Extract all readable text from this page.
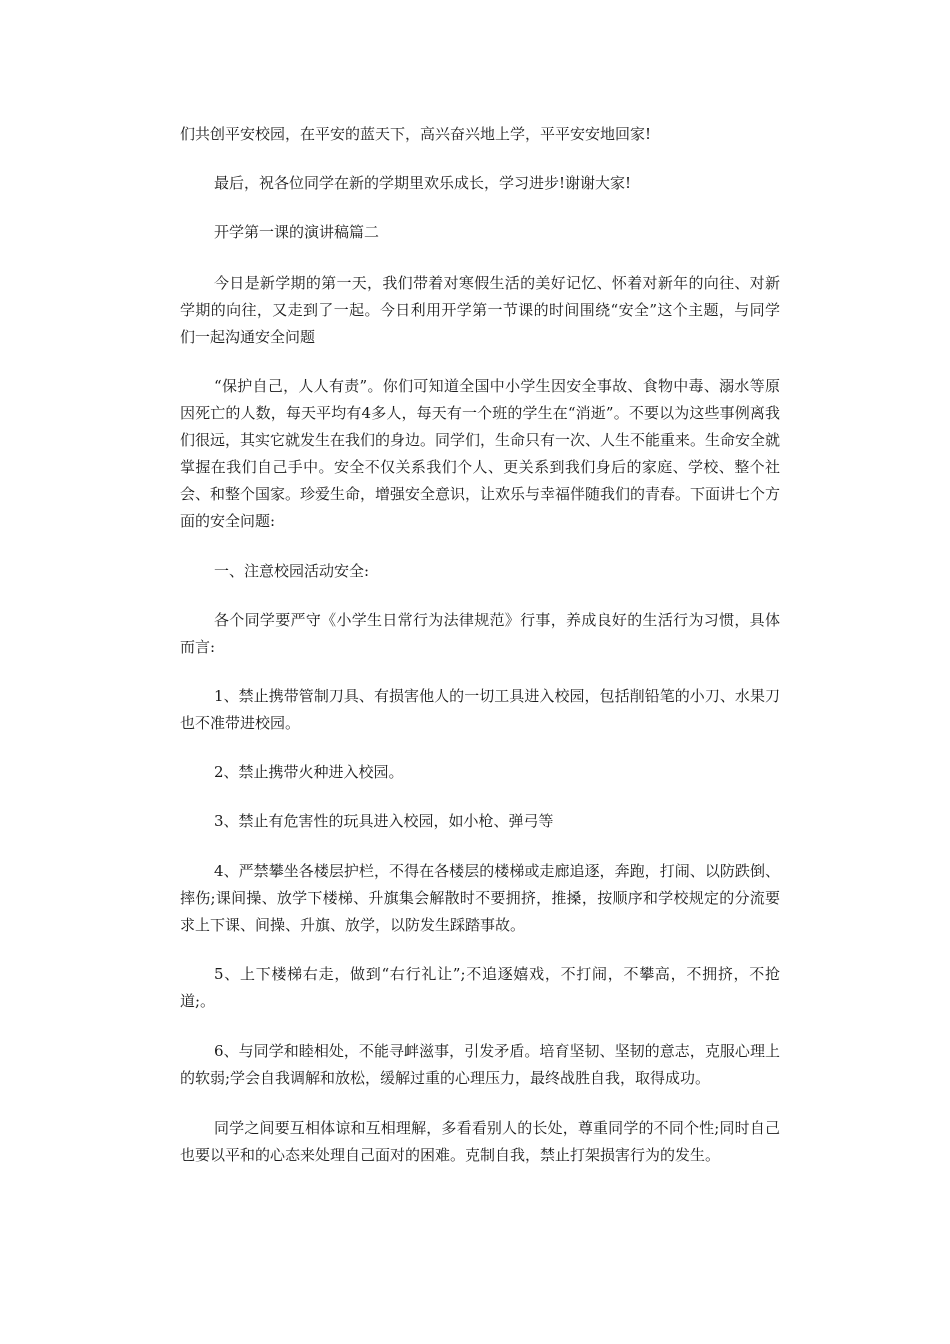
们共创平安校园，在平安的蓝天下，高兴奋兴地上学，平平安安地回家!

最后，祝各位同学在新的学期里欢乐成长，学习进步!谢谢大家!

开学第一课的演讲稿篇二

今日是新学期的第一天，我们带着对寒假生活的美好记忆、怀着对新年的向往、对新学期的向往，又走到了一起。今日利用开学第一节课的时间围绕“安全”这个主题，与同学们一起沟通安全问题

“保护自己，人人有责”。你们可知道全国中小学生因安全事故、食物中毒、溺水等原因死亡的人数，每天平均有4多人，每天有一个班的学生在“消逝”。不要以为这些事例离我们很远，其实它就发生在我们的身边。同学们，生命只有一次、人生不能重来。生命安全就掌握在我们自己手中。安全不仅关系我们个人、更关系到我们身后的家庭、学校、整个社会、和整个国家。珍爱生命，增强安全意识，让欢乐与幸福伴随我们的青春。下面讲七个方面的安全问题:

一、注意校园活动安全:

各个同学要严守《小学生日常行为法律规范》行事，养成良好的生活行为习惯，具体而言:

1、禁止携带管制刀具、有损害他人的一切工具进入校园，包括削铅笔的小刀、水果刀也不准带进校园。

2、禁止携带火种进入校园。

3、禁止有危害性的玩具进入校园，如小枪、弹弓等

4、严禁攀坐各楼层护栏，不得在各楼层的楼梯或走廊追逐，奔跑，打闹、以防跌倒、摔伤;课间操、放学下楼梯、升旗集会解散时不要拥挤，推搡，按顺序和学校规定的分流要求上下课、间操、升旗、放学，以防发生踩踏事故。

5、上下楼梯右走，做到“右行礼让”;不追逐嬉戏，不打闹，不攀高，不拥挤，不抢道;。

6、与同学和睦相处，不能寻衅滋事，引发矛盾。培育坚韧、坚韧的意志，克服心理上的软弱;学会自我调解和放松，缓解过重的心理压力，最终战胜自我，取得成功。

同学之间要互相体谅和互相理解，多看看别人的长处，尊重同学的不同个性;同时自己也要以平和的心态来处理自己面对的困难。克制自我，禁止打架损害行为的发生。
